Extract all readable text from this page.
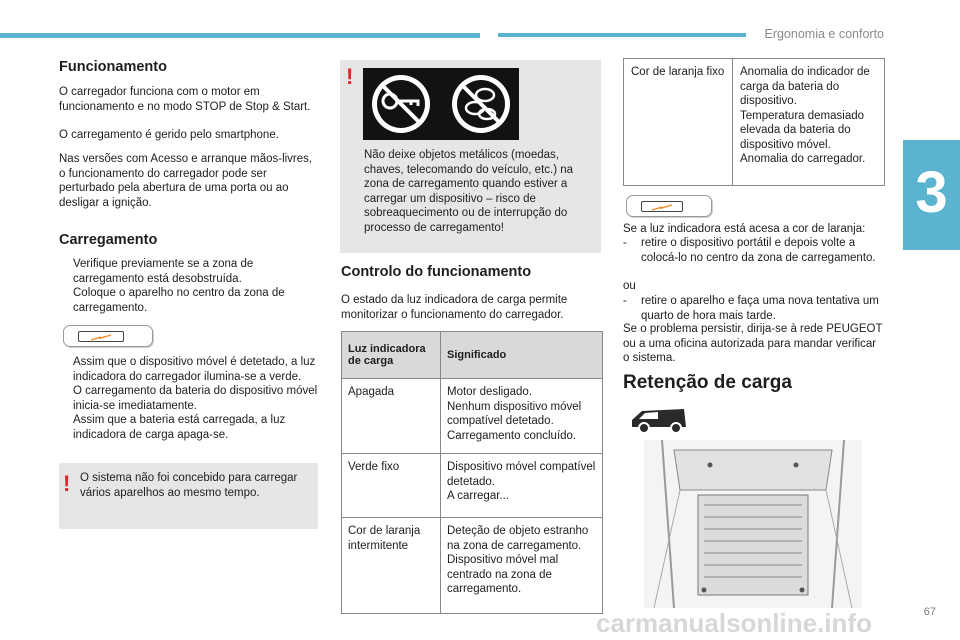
Ergonomia e conforto
3
Funcionamento

O carregador funciona com o motor em funcionamento e no modo STOP de Stop & Start.

O carregamento é gerido pelo smartphone.

Nas versões com Acesso e arranque mãos-livres, o funcionamento do carregador pode ser perturbado pela abertura de uma porta ou ao desligar a ignição.

Carregamento
Verifique previamente se a zona de carregamento está desobstruída.
Coloque o aparelho no centro da zona de carregamento.
Assim que o dispositivo móvel é detetado, a luz indicadora do carregador ilumina-se a verde.
O carregamento da bateria do dispositivo móvel inicia-se imediatamente.
Assim que a bateria está carregada, a luz indicadora de carga apaga-se.
! O sistema não foi concebido para carregar vários aparelhos ao mesmo tempo.

!

Não deixe objetos metálicos (moedas, chaves, telecomando do veículo, etc.) na zona de carregamento quando estiver a carregar um dispositivo – risco de sobreaquecimento ou de interrupção do processo de carregamento!

Controlo do funcionamento

O estado da luz indicadora de carga permite monitorizar o funcionamento do carregador.

Luz indicadora de carga	Significado
Apagada	Motor desligado.
Nenhum dispositivo móvel compatível detetado.
Carregamento concluído.

Verde fixo	Dispositivo móvel compatível detetado.
A carregar...

Cor de laranja intermitente	Deteção de objeto estranho na zona de carregamento.
Dispositivo móvel mal centrado na zona de carregamento.
Cor de laranja fixo	Anomalia do indicador de carga da bateria do dispositivo.
Temperatura demasiado elevada da bateria do dispositivo móvel.
Anomalia do carregador.

Se a luz indicadora está acesa a cor de laranja:

- retire o dispositivo portátil e depois volte a colocá-lo no centro da zona de carregamento.

ou

- retire o aparelho e faça uma nova tentativa um quarto de hora mais tarde.

Se o problema persistir, dirija-se à rede PEUGEOT ou a uma oficina autorizada para mandar verificar o sistema.

Retenção de carga
carmanualsonline.info	67
